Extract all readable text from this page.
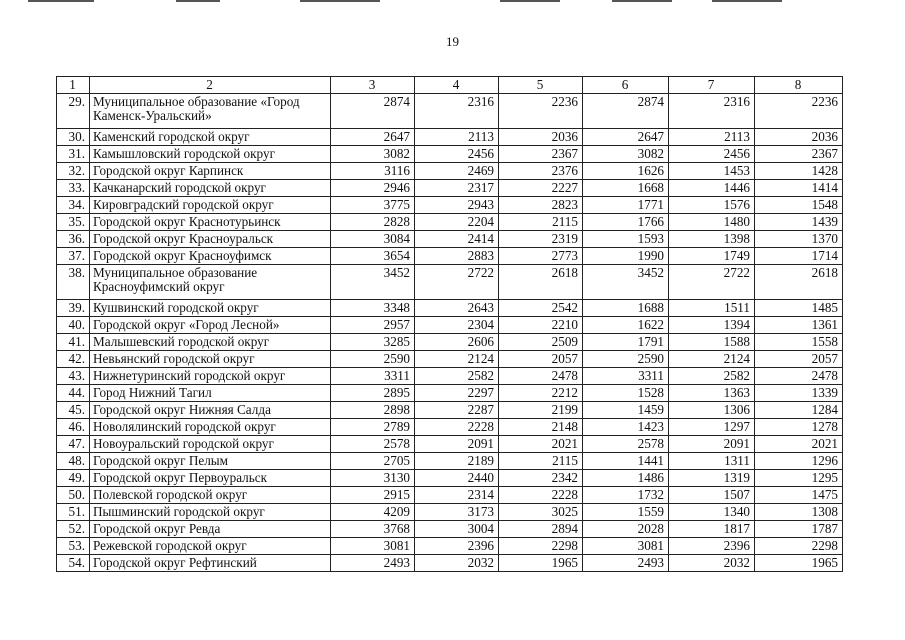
19
1	2	3	4	5	6	7	8
29.	Муниципальное образование «Город Каменск-Уральский»	2874	2316	2236	2874	2316	2236
30.	Каменский городской округ	2647	2113	2036	2647	2113	2036
31.	Камышловский городской округ	3082	2456	2367	3082	2456	2367
32.	Городской округ Карпинск	3116	2469	2376	1626	1453	1428
33.	Качканарский городской округ	2946	2317	2227	1668	1446	1414
34.	Кировградский городской округ	3775	2943	2823	1771	1576	1548
35.	Городской округ Краснотурьинск	2828	2204	2115	1766	1480	1439
36.	Городской округ Красноуральск	3084	2414	2319	1593	1398	1370
37.	Городской округ Красноуфимск	3654	2883	2773	1990	1749	1714
38.	Муниципальное образование Красноуфимский округ	3452	2722	2618	3452	2722	2618
39.	Кушвинский городской округ	3348	2643	2542	1688	1511	1485
40.	Городской округ «Город Лесной»	2957	2304	2210	1622	1394	1361
41.	Малышевский городской округ	3285	2606	2509	1791	1588	1558
42.	Невьянский городской округ	2590	2124	2057	2590	2124	2057
43.	Нижнетуринский городской округ	3311	2582	2478	3311	2582	2478
44.	Город Нижний Тагил	2895	2297	2212	1528	1363	1339
45.	Городской округ Нижняя Салда	2898	2287	2199	1459	1306	1284
46.	Новолялинский городской округ	2789	2228	2148	1423	1297	1278
47.	Новоуральский городской округ	2578	2091	2021	2578	2091	2021
48.	Городской округ Пелым	2705	2189	2115	1441	1311	1296
49.	Городской округ Первоуральск	3130	2440	2342	1486	1319	1295
50.	Полевской городской округ	2915	2314	2228	1732	1507	1475
51.	Пышминский городской округ	4209	3173	3025	1559	1340	1308
52.	Городской округ Ревда	3768	3004	2894	2028	1817	1787
53.	Режевской городской округ	3081	2396	2298	3081	2396	2298
54.	Городской округ Рефтинский	2493	2032	1965	2493	2032	1965
